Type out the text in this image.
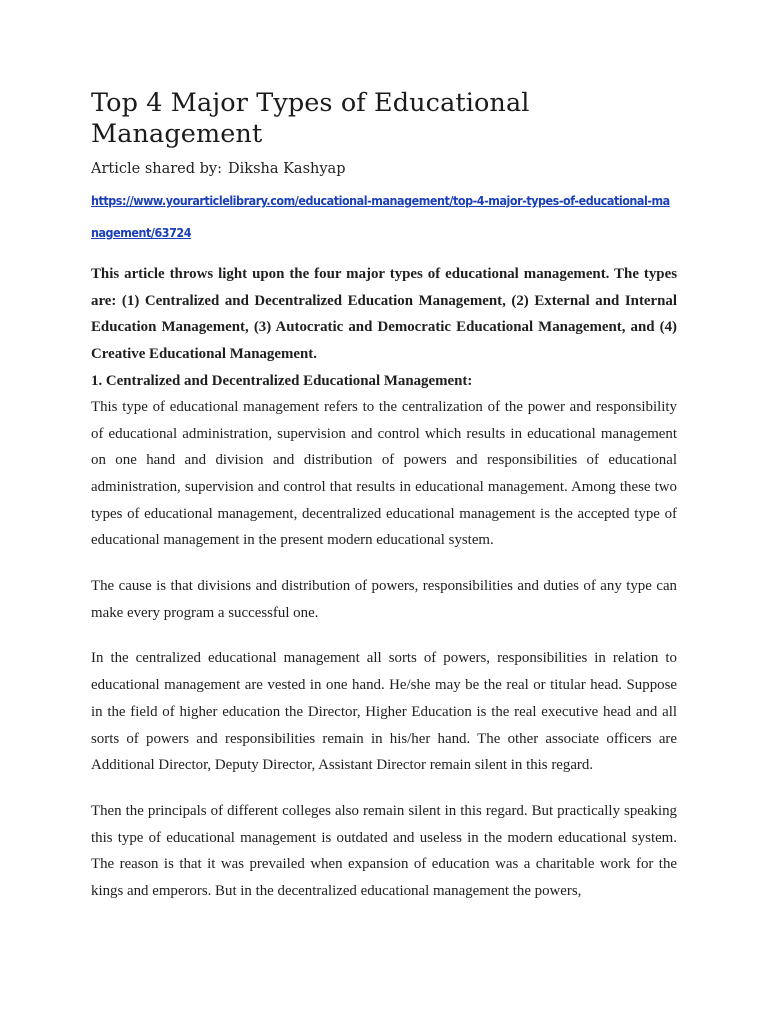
Top 4 Major Types of Educational Management
Article shared by: Diksha Kashyap
https://www.yourarticlelibrary.com/educational-management/top-4-major-types-of-educational-management/63724

This article throws light upon the four major types of educational management. The types are: (1) Centralized and Decentralized Education Management, (2) External and Internal Education Management, (3) Autocratic and Democratic Educational Management, and (4) Creative Educational Management.

1. Centralized and Decentralized Educational Management:

This type of educational management refers to the centralization of the power and responsibility of educational administration, supervision and control which results in educational management on one hand and division and distribution of powers and responsibilities of educational administration, supervision and control that results in educational management. Among these two types of educational management, decentralized educational management is the accepted type of educational management in the present modern educational system.

The cause is that divisions and distribution of powers, responsibilities and duties of any type can make every program a successful one.

In the centralized educational management all sorts of powers, responsibilities in relation to educational management are vested in one hand. He/she may be the real or titular head. Suppose in the field of higher education the Director, Higher Education is the real executive head and all sorts of powers and responsibilities remain in his/her hand. The other associate officers are Additional Director, Deputy Director, Assistant Director remain silent in this regard.

Then the principals of different colleges also remain silent in this regard. But practically speaking this type of educational management is outdated and useless in the modern educational system. The reason is that it was prevailed when expansion of education was a charitable work for the kings and emperors. But in the decentralized educational management the powers,
